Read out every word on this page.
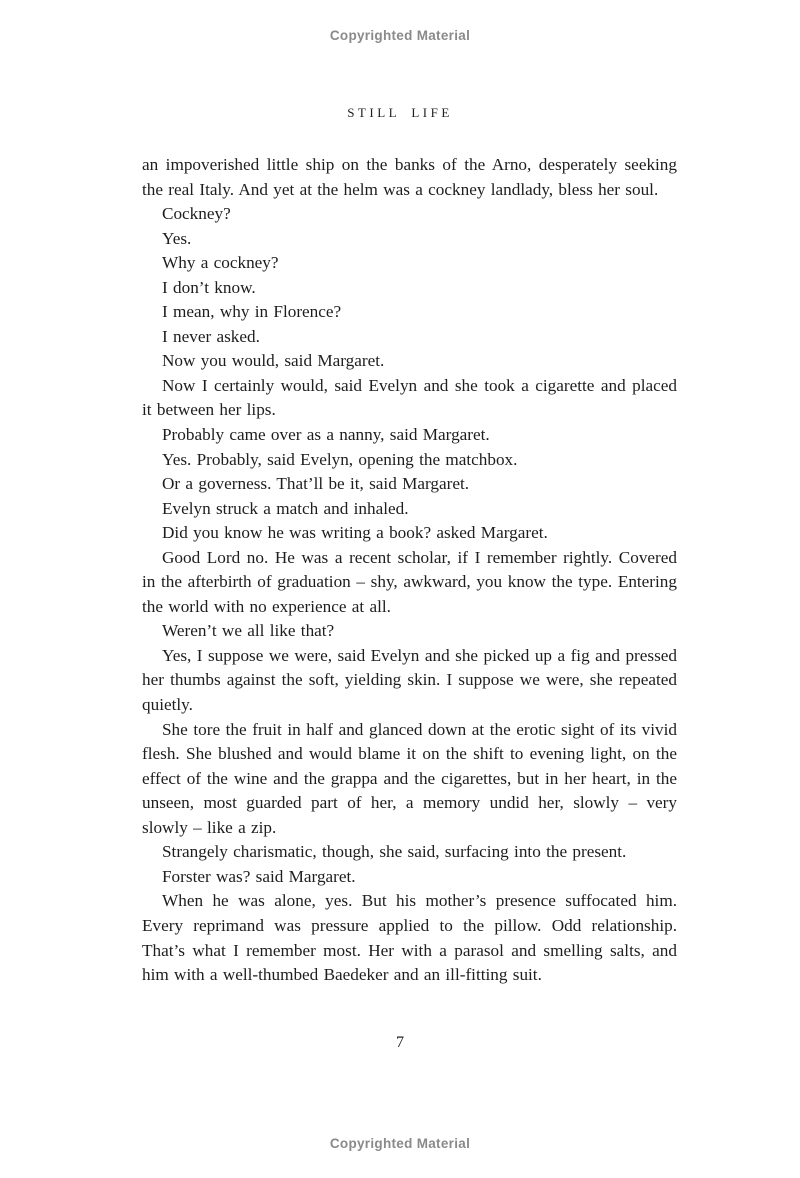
Copyrighted Material
STILL LIFE

an impoverished little ship on the banks of the Arno, desperately seeking the real Italy. And yet at the helm was a cockney landlady, bless her soul.

Cockney?

Yes.

Why a cockney?

I don’t know.

I mean, why in Florence?

I never asked.

Now you would, said Margaret.

Now I certainly would, said Evelyn and she took a cigarette and placed it between her lips.

Probably came over as a nanny, said Margaret.

Yes. Probably, said Evelyn, opening the matchbox.

Or a governess. That’ll be it, said Margaret.

Evelyn struck a match and inhaled.

Did you know he was writing a book? asked Margaret.

Good Lord no. He was a recent scholar, if I remember rightly. Covered in the afterbirth of graduation – shy, awkward, you know the type. Entering the world with no experience at all.

Weren’t we all like that?

Yes, I suppose we were, said Evelyn and she picked up a fig and pressed her thumbs against the soft, yielding skin. I suppose we were, she repeated quietly.

She tore the fruit in half and glanced down at the erotic sight of its vivid flesh. She blushed and would blame it on the shift to evening light, on the effect of the wine and the grappa and the cigarettes, but in her heart, in the unseen, most guarded part of her, a memory undid her, slowly – very slowly – like a zip.

Strangely charismatic, though, she said, surfacing into the present.

Forster was? said Margaret.

When he was alone, yes. But his mother’s presence suffocated him. Every reprimand was pressure applied to the pillow. Odd relationship. That’s what I remember most. Her with a parasol and smelling salts, and him with a well-thumbed Baedeker and an ill-fitting suit.

7
Copyrighted Material
